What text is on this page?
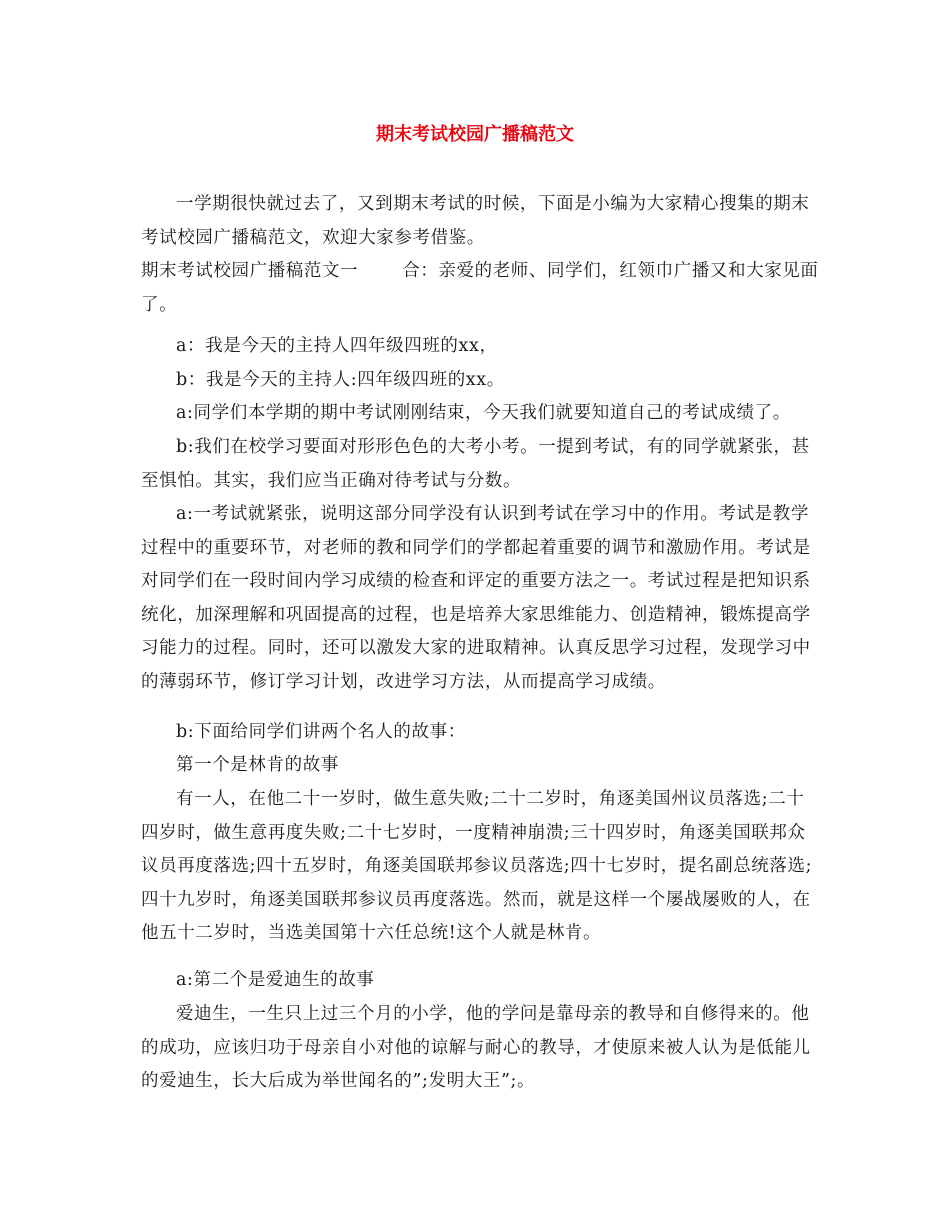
期末考试校园广播稿范文
一学期很快就过去了，又到期末考试的时候，下面是小编为大家精心搜集的期末考试校园广播稿范文，欢迎大家参考借鉴。
期末考试校园广播稿范文一	合：亲爱的老师、同学们，红领巾广播又和大家见面了。
a：我是今天的主持人四年级四班的xx，
b：我是今天的主持人:四年级四班的xx。
a:同学们本学期的期中考试刚刚结束，今天我们就要知道自己的考试成绩了。
b:我们在校学习要面对形形色色的大考小考。一提到考试，有的同学就紧张，甚至惧怕。其实，我们应当正确对待考试与分数。
a:一考试就紧张，说明这部分同学没有认识到考试在学习中的作用。考试是教学过程中的重要环节，对老师的教和同学们的学都起着重要的调节和激励作用。考试是对同学们在一段时间内学习成绩的检查和评定的重要方法之一。考试过程是把知识系统化，加深理解和巩固提高的过程，也是培养大家思维能力、创造精神，锻炼提高学习能力的过程。同时，还可以激发大家的进取精神。认真反思学习过程，发现学习中的薄弱环节，修订学习计划，改进学习方法，从而提高学习成绩。
b:下面给同学们讲两个名人的故事：
第一个是林肯的故事
有一人，在他二十一岁时，做生意失败;二十二岁时，角逐美国州议员落选;二十四岁时，做生意再度失败;二十七岁时，一度精神崩溃;三十四岁时，角逐美国联邦众议员再度落选;四十五岁时，角逐美国联邦参议员落选;四十七岁时，提名副总统落选;四十九岁时，角逐美国联邦参议员再度落选。然而，就是这样一个屡战屡败的人，在他五十二岁时，当选美国第十六任总统!这个人就是林肯。
a:第二个是爱迪生的故事
爱迪生，一生只上过三个月的小学，他的学问是靠母亲的教导和自修得来的。他的成功，应该归功于母亲自小对他的谅解与耐心的教导，才使原来被人认为是低能儿的爱迪生，长大后成为举世闻名的”;发明大王”;。
